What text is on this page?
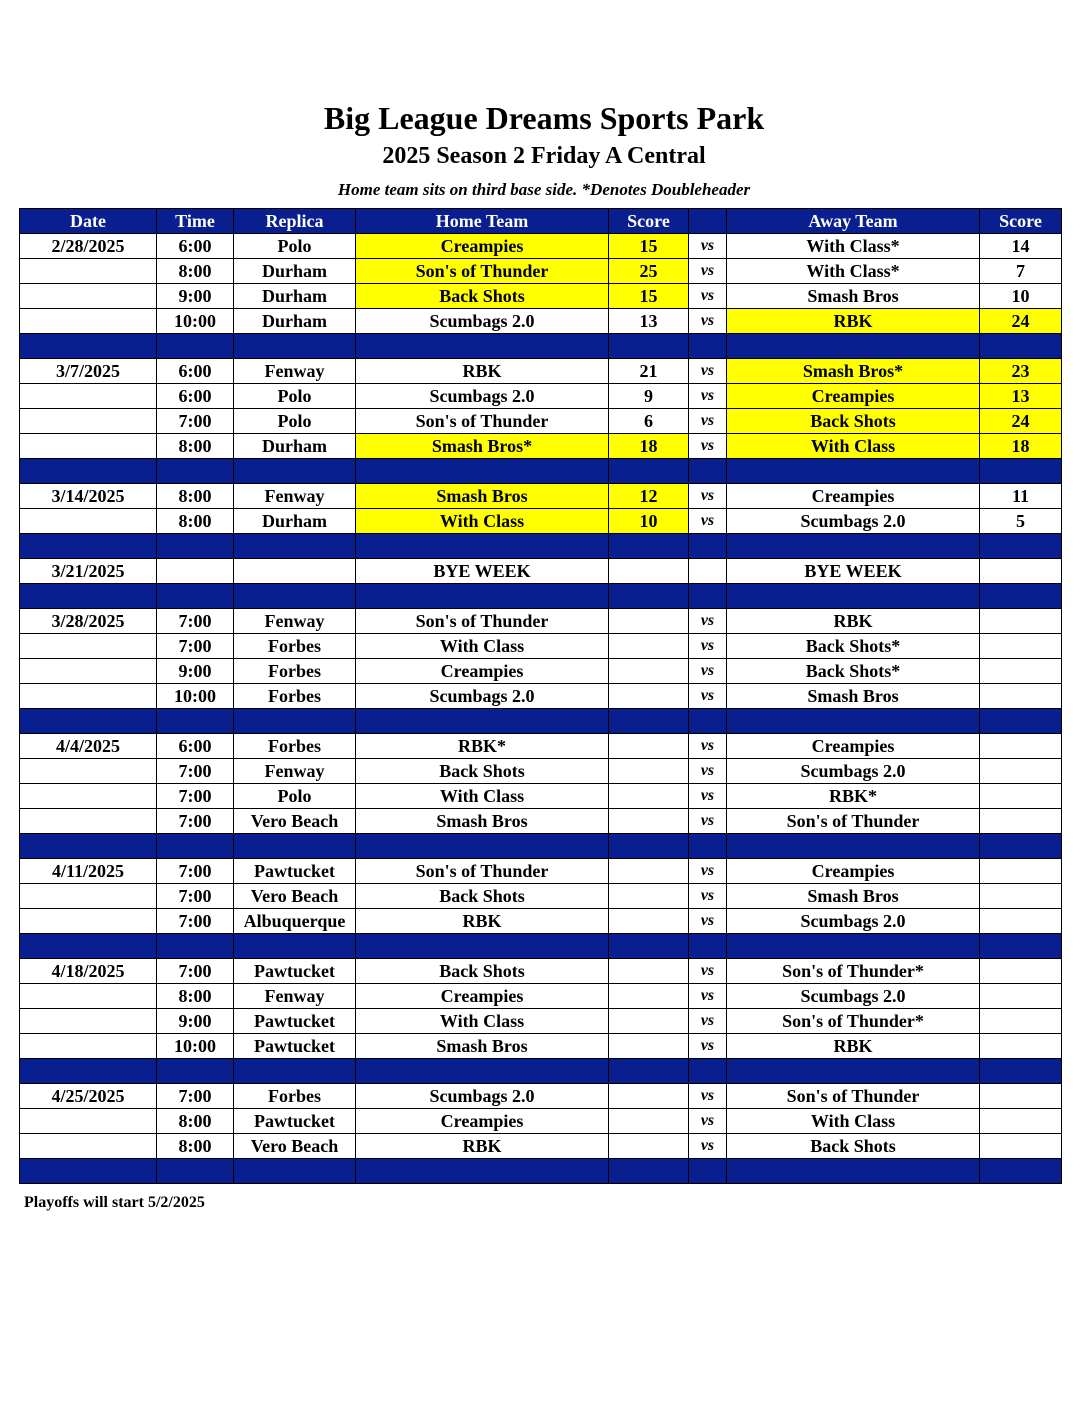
Big League Dreams Sports Park
2025 Season 2 Friday A Central
Home team sits on third base side. *Denotes Doubleheader
Date	Time	Replica	Home Team	Score		Away Team	Score
2/28/2025	6:00	Polo	Creampies	15	vs	With Class*	14
	8:00	Durham	Son's of Thunder	25	vs	With Class*	7
	9:00	Durham	Back Shots	15	vs	Smash Bros	10
	10:00	Durham	Scumbags 2.0	13	vs	RBK	24

3/7/2025	6:00	Fenway	RBK	21	vs	Smash Bros*	23
	6:00	Polo	Scumbags 2.0	9	vs	Creampies	13
	7:00	Polo	Son's of Thunder	6	vs	Back Shots	24
	8:00	Durham	Smash Bros*	18	vs	With Class	18

3/14/2025	8:00	Fenway	Smash Bros	12	vs	Creampies	11
	8:00	Durham	With Class	10	vs	Scumbags 2.0	5

3/21/2025			BYE WEEK			BYE WEEK	

3/28/2025	7:00	Fenway	Son's of Thunder		vs	RBK	
	7:00	Forbes	With Class		vs	Back Shots*	
	9:00	Forbes	Creampies		vs	Back Shots*	
	10:00	Forbes	Scumbags 2.0		vs	Smash Bros	

4/4/2025	6:00	Forbes	RBK*		vs	Creampies	
	7:00	Fenway	Back Shots		vs	Scumbags 2.0	
	7:00	Polo	With Class		vs	RBK*	
	7:00	Vero Beach	Smash Bros		vs	Son's of Thunder	

4/11/2025	7:00	Pawtucket	Son's of Thunder		vs	Creampies	
	7:00	Vero Beach	Back Shots		vs	Smash Bros	
	7:00	Albuquerque	RBK		vs	Scumbags 2.0	

4/18/2025	7:00	Pawtucket	Back Shots		vs	Son's of Thunder*	
	8:00	Fenway	Creampies		vs	Scumbags 2.0	
	9:00	Pawtucket	With Class		vs	Son's of Thunder*	
	10:00	Pawtucket	Smash Bros		vs	RBK	

4/25/2025	7:00	Forbes	Scumbags 2.0		vs	Son's of Thunder	
	8:00	Pawtucket	Creampies		vs	With Class	
	8:00	Vero Beach	RBK		vs	Back Shots	

Playoffs will start 5/2/2025
